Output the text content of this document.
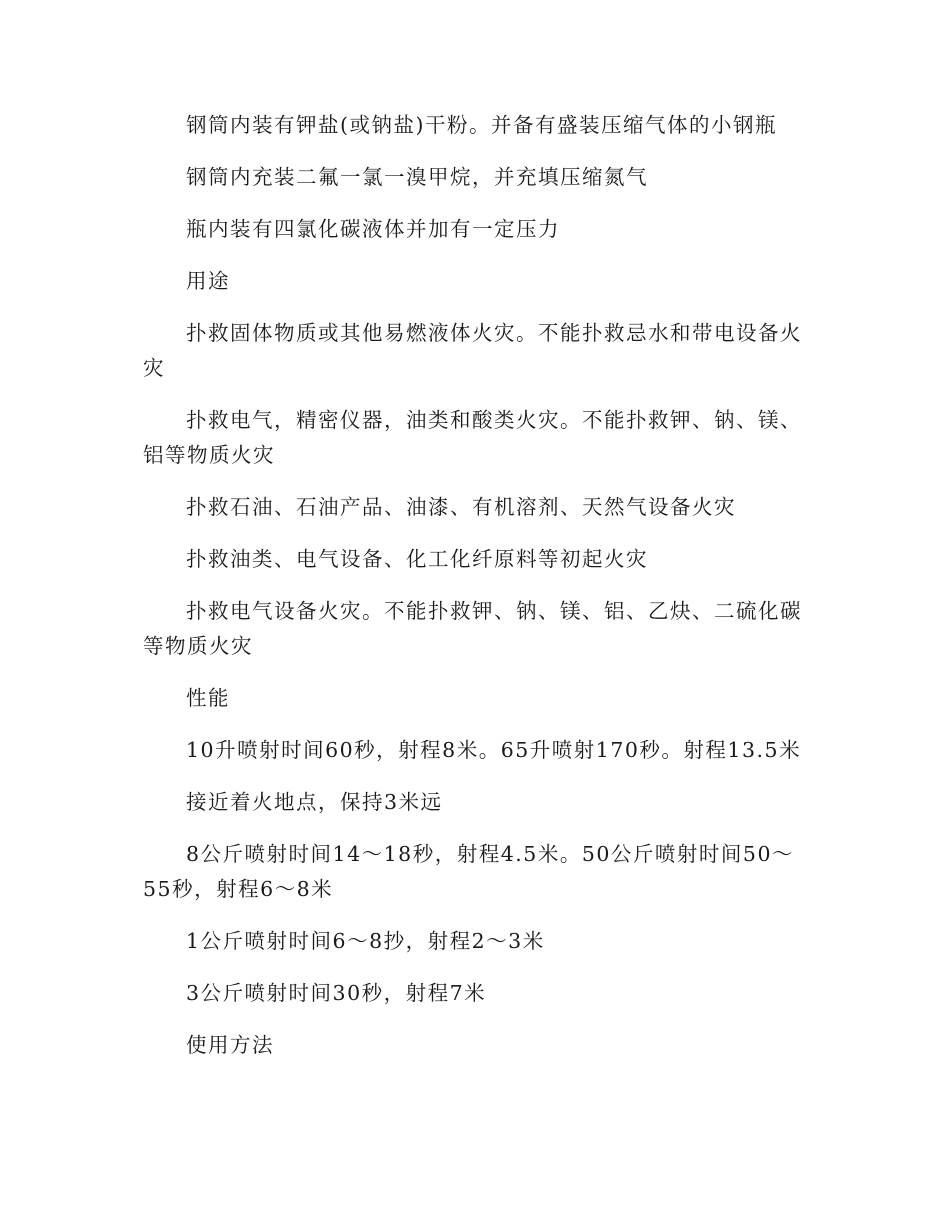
钢筒内装有钾盐(或钠盐)干粉。并备有盛装压缩气体的小钢瓶

钢筒内充装二氟一氯一溴甲烷，并充填压缩氮气

瓶内装有四氯化碳液体并加有一定压力

用途

扑救固体物质或其他易燃液体火灾。不能扑救忌水和带电设备火灾

扑救电气，精密仪器，油类和酸类火灾。不能扑救钾、钠、镁、铝等物质火灾

扑救石油、石油产品、油漆、有机溶剂、天然气设备火灾

扑救油类、电气设备、化工化纤原料等初起火灾

扑救电气设备火灾。不能扑救钾、钠、镁、铝、乙炔、二硫化碳等物质火灾

性能

10升喷射时间60秒，射程8米。65升喷射170秒。射程13.5米

接近着火地点，保持3米远

8公斤喷射时间14～18秒，射程4.5米。50公斤喷射时间50～55秒，射程6～8米

1公斤喷射时间6～8抄，射程2～3米

3公斤喷射时间30秒，射程7米

使用方法
